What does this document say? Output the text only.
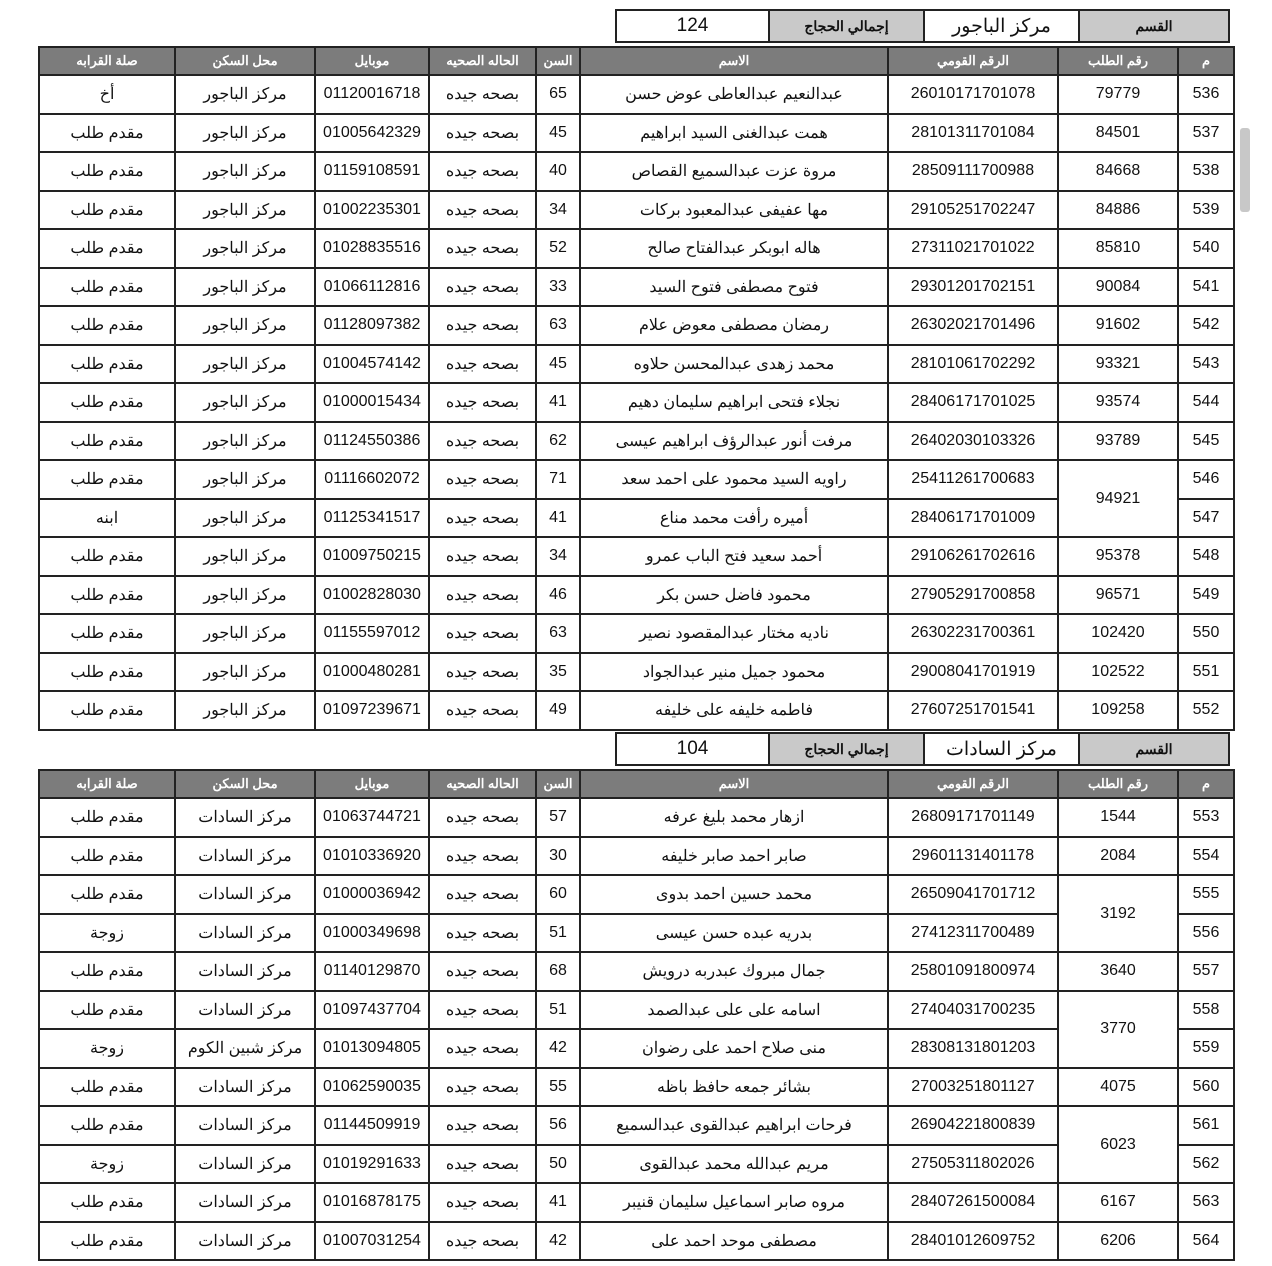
القسم
مركز الباجور
إجمالي الحجاج
124
م	رقم الطلب	الرقم القومي	الاسم	السن	الحاله الصحيه	موبايل	محل السكن	صلة القرابه
536	79779	26010171701078	عبدالنعيم عبدالعاطى عوض حسن	65	بصحه جيده	01120016718	مركز الباجور	أخ
537	84501	28101311701084	همت عبدالغنى السيد ابراهيم	45	بصحه جيده	01005642329	مركز الباجور	مقدم طلب
538	84668	28509111700988	مروة عزت عبدالسميع القصاص	40	بصحه جيده	01159108591	مركز الباجور	مقدم طلب
539	84886	29105251702247	مها عفيفى عبدالمعبود بركات	34	بصحه جيده	01002235301	مركز الباجور	مقدم طلب
540	85810	27311021701022	هاله ابوبكر عبدالفتاح صالح	52	بصحه جيده	01028835516	مركز الباجور	مقدم طلب
541	90084	29301201702151	فتوح مصطفى فتوح السيد	33	بصحه جيده	01066112816	مركز الباجور	مقدم طلب
542	91602	26302021701496	رمضان مصطفى معوض علام	63	بصحه جيده	01128097382	مركز الباجور	مقدم طلب
543	93321	28101061702292	محمد زهدى عبدالمحسن حلاوه	45	بصحه جيده	01004574142	مركز الباجور	مقدم طلب
544	93574	28406171701025	نجلاء فتحى ابراهيم سليمان دهيم	41	بصحه جيده	01000015434	مركز الباجور	مقدم طلب
545	93789	26402030103326	مرفت أنور عبدالرؤف ابراهيم عيسى	62	بصحه جيده	01124550386	مركز الباجور	مقدم طلب
546	94921	25411261700683	راويه السيد محمود على احمد سعد	71	بصحه جيده	01116602072	مركز الباجور	مقدم طلب
547		28406171701009	أميره رأفت محمد مناع	41	بصحه جيده	01125341517	مركز الباجور	ابنه
548	95378	29106261702616	أحمد سعيد فتح الباب عمرو	34	بصحه جيده	01009750215	مركز الباجور	مقدم طلب
549	96571	27905291700858	محمود فاضل حسن بكر	46	بصحه جيده	01002828030	مركز الباجور	مقدم طلب
550	102420	26302231700361	ناديه مختار عبدالمقصود نصير	63	بصحه جيده	01155597012	مركز الباجور	مقدم طلب
551	102522	29008041701919	محمود جميل منير عبدالجواد	35	بصحه جيده	01000480281	مركز الباجور	مقدم طلب
552	109258	27607251701541	فاطمه خليفه على خليفه	49	بصحه جيده	01097239671	مركز الباجور	مقدم طلب
القسم
مركز السادات
إجمالي الحجاج
104
م	رقم الطلب	الرقم القومي	الاسم	السن	الحاله الصحيه	موبايل	محل السكن	صلة القرابه
553	1544	26809171701149	ازهار محمد بليغ عرفه	57	بصحه جيده	01063744721	مركز السادات	مقدم طلب
554	2084	29601131401178	صابر احمد صابر خليفه	30	بصحه جيده	01010336920	مركز السادات	مقدم طلب
555	3192	26509041701712	محمد حسين احمد بدوى	60	بصحه جيده	01000036942	مركز السادات	مقدم طلب
556		27412311700489	بدريه عبده حسن عيسى	51	بصحه جيده	01000349698	مركز السادات	زوجة
557	3640	25801091800974	جمال مبروك عبدربه درويش	68	بصحه جيده	01140129870	مركز السادات	مقدم طلب
558	3770	27404031700235	اسامه على على عبدالصمد	51	بصحه جيده	01097437704	مركز السادات	مقدم طلب
559		28308131801203	منى صلاح احمد على رضوان	42	بصحه جيده	01013094805	مركز شبين الكوم	زوجة
560	4075	27003251801127	بشائر جمعه حافظ باظه	55	بصحه جيده	01062590035	مركز السادات	مقدم طلب
561	6023	26904221800839	فرحات ابراهيم عبدالقوى عبدالسميع	56	بصحه جيده	01144509919	مركز السادات	مقدم طلب
562		27505311802026	مريم عبدالله محمد عبدالقوى	50	بصحه جيده	01019291633	مركز السادات	زوجة
563	6167	28407261500084	مروه صابر اسماعيل سليمان قنيبر	41	بصحه جيده	01016878175	مركز السادات	مقدم طلب
564	6206	28401012609752	مصطفى موحد احمد على	42	بصحه جيده	01007031254	مركز السادات	مقدم طلب
